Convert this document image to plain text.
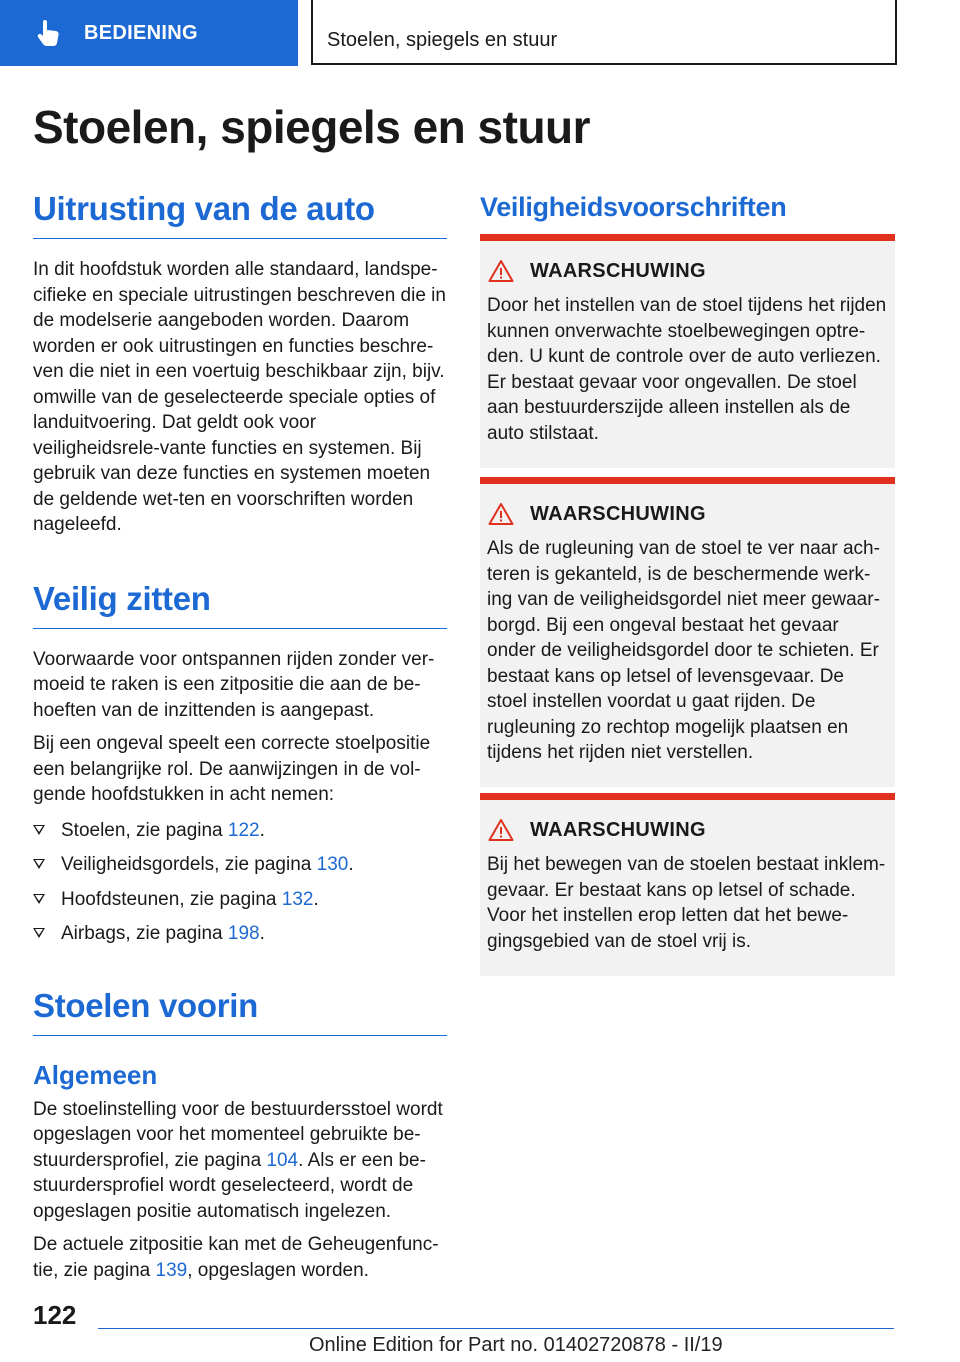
BEDIENING	Stoelen, spiegels en stuur
Stoelen, spiegels en stuur
Uitrusting van de auto

In dit hoofdstuk worden alle standaard, landspe-cifieke en speciale uitrustingen beschreven die in de modelserie aangeboden worden. Daarom worden er ook uitrustingen en functies beschre-ven die niet in een voertuig beschikbaar zijn, bijv. omwille van de geselecteerde speciale opties of landuitvoering. Dat geldt ook voor veiligheidsrele-vante functies en systemen. Bij gebruik van deze functies en systemen moeten de geldende wet-ten en voorschriften worden nageleefd.

Veilig zitten

Voorwaarde voor ontspannen rijden zonder ver-moeid te raken is een zitpositie die aan de be-hoeften van de inzittenden is aangepast.

Bij een ongeval speelt een correcte stoelpositie een belangrijke rol. De aanwijzingen in de vol-gende hoofdstukken in acht nemen:

Stoelen, zie pagina 122.
Veiligheidsgordels, zie pagina 130.
Hoofdsteunen, zie pagina 132.
Airbags, zie pagina 198.
Stoelen voorin
Algemeen

De stoelinstelling voor de bestuurdersstoel wordt opgeslagen voor het momenteel gebruikte be-stuurdersprofiel, zie pagina 104. Als er een be-stuurdersprofiel wordt geselecteerd, wordt de opgeslagen positie automatisch ingelezen.

De actuele zitpositie kan met de Geheugenfunc-tie, zie pagina 139, opgeslagen worden.

Veiligheidsvoorschriften
WAARSCHUWING
Door het instellen van de stoel tijdens het rijden kunnen onverwachte stoelbewegingen optre-den. U kunt de controle over de auto verliezen. Er bestaat gevaar voor ongevallen. De stoel aan bestuurderszijde alleen instellen als de auto stilstaat.
WAARSCHUWING
Als de rugleuning van de stoel te ver naar ach-teren is gekanteld, is de beschermende werk-ing van de veiligheidsgordel niet meer gewaar-borgd. Bij een ongeval bestaat het gevaar onder de veiligheidsgordel door te schieten. Er bestaat kans op letsel of levensgevaar. De stoel instellen voordat u gaat rijden. De rugleuning zo rechtop mogelijk plaatsen en tijdens het rijden niet verstellen.
WAARSCHUWING
Bij het bewegen van de stoelen bestaat inklem-gevaar. Er bestaat kans op letsel of schade. Voor het instellen erop letten dat het bewe-gingsgebied van de stoel vrij is.
122
Online Edition for Part no. 01402720878 - II/19
